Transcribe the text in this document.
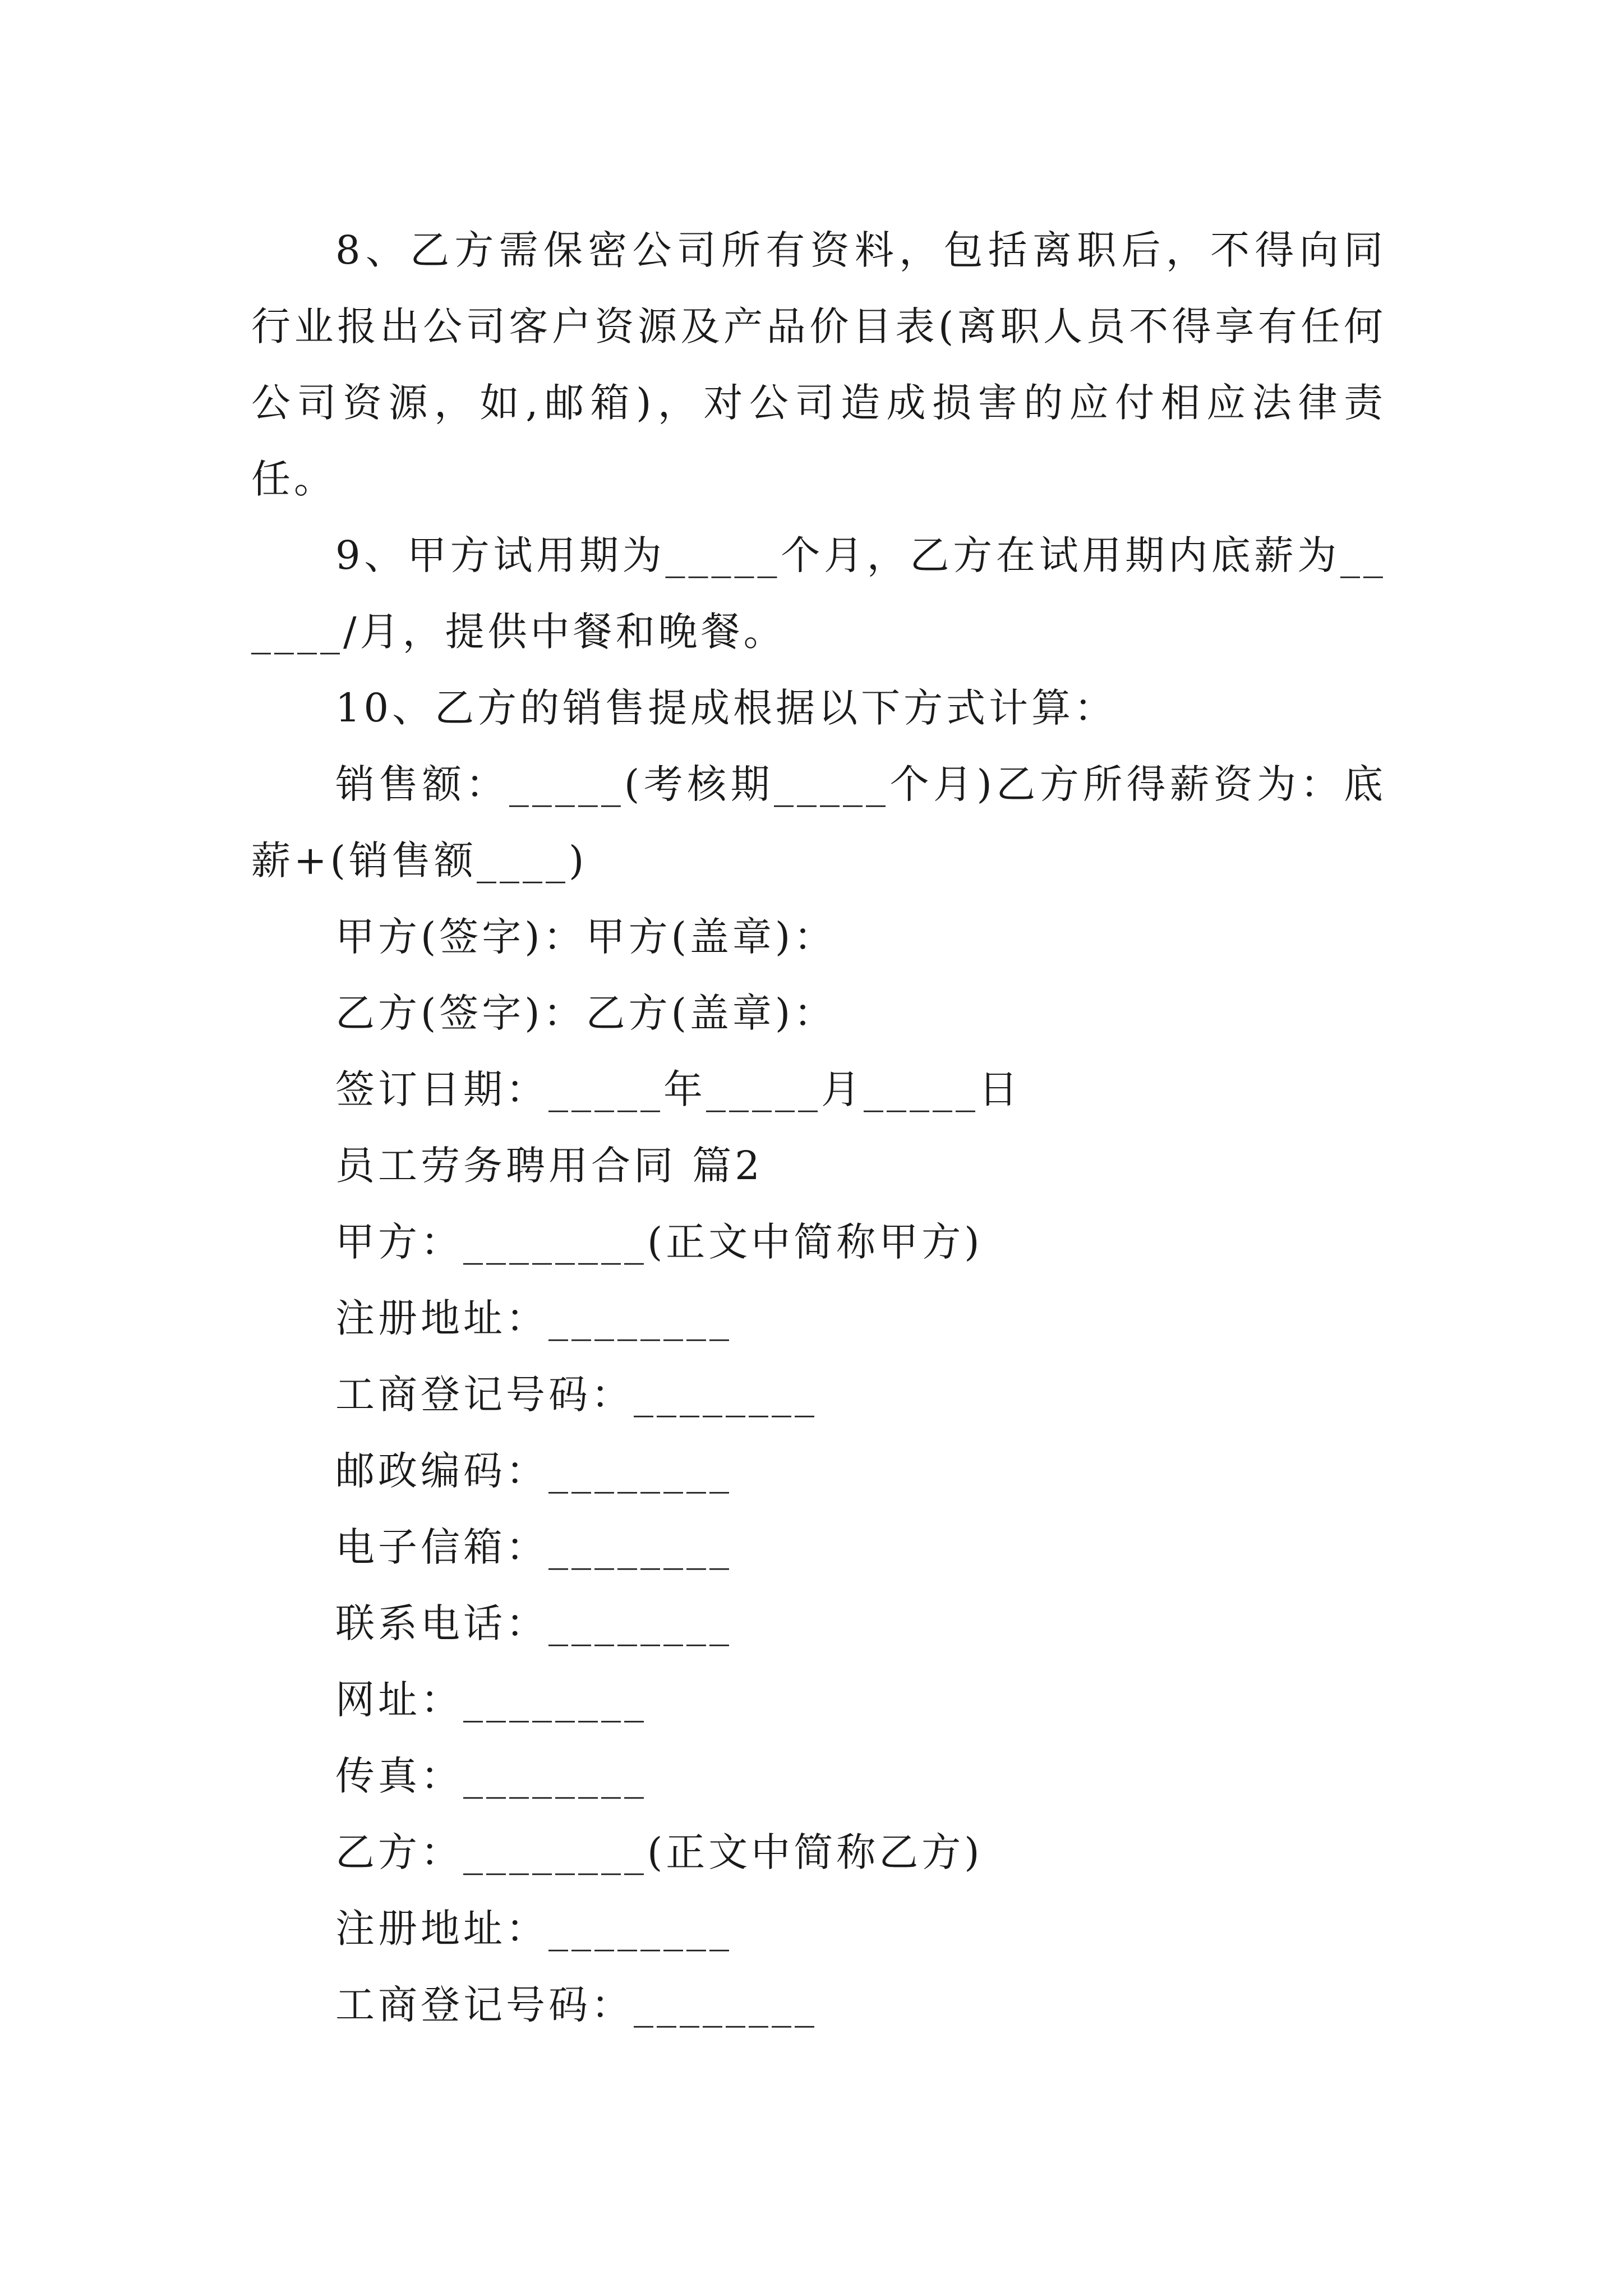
8、乙方需保密公司所有资料，包括离职后，不得向同行业报出公司客户资源及产品价目表(离职人员不得享有任何公司资源，如,邮箱)，对公司造成损害的应付相应法律责任。

9、甲方试用期为_____个月，乙方在试用期内底薪为______/月，提供中餐和晚餐。

10、乙方的销售提成根据以下方式计算：

销售额：_____(考核期_____个月)乙方所得薪资为：底薪+(销售额____)

甲方(签字)：甲方(盖章)：

乙方(签字)：乙方(盖章)：

签订日期：_____年_____月_____日

员工劳务聘用合同 篇2

甲方：________(正文中简称甲方)

注册地址：________

工商登记号码：________

邮政编码：________

电子信箱：________

联系电话：________

网址：________

传真：________

乙方：________(正文中简称乙方)

注册地址：________

工商登记号码：________
